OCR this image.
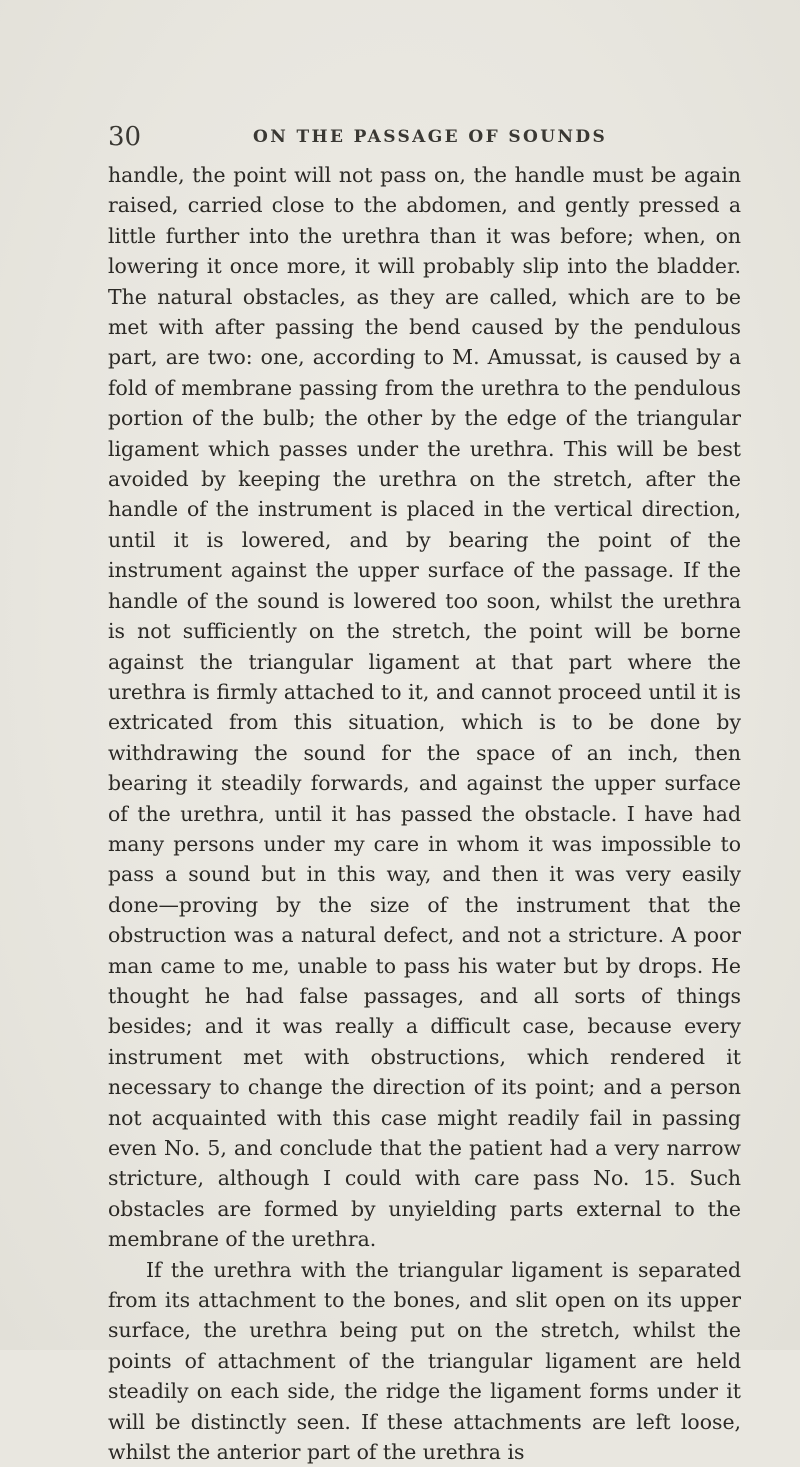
30	ON THE PASSAGE OF SOUNDS

handle, the point will not pass on, the handle must be again raised, carried close to the abdomen, and gently pressed a little further into the urethra than it was before; when, on lowering it once more, it will probably slip into the bladder. The natural obstacles, as they are called, which are to be met with after passing the bend caused by the pendulous part, are two: one, according to M. Amussat, is caused by a fold of membrane passing from the urethra to the pendulous portion of the bulb; the other by the edge of the triangular ligament which passes under the urethra. This will be best avoided by keeping the urethra on the stretch, after the handle of the instrument is placed in the vertical direction, until it is lowered, and by bearing the point of the instrument against the upper surface of the passage. If the handle of the sound is lowered too soon, whilst the urethra is not sufficiently on the stretch, the point will be borne against the triangular ligament at that part where the urethra is firmly attached to it, and cannot proceed until it is extricated from this situation, which is to be done by withdrawing the sound for the space of an inch, then bearing it steadily forwards, and against the upper surface of the urethra, until it has passed the obstacle. I have had many persons under my care in whom it was impossible to pass a sound but in this way, and then it was very easily done—proving by the size of the instrument that the obstruction was a natural defect, and not a stricture. A poor man came to me, unable to pass his water but by drops. He thought he had false passages, and all sorts of things besides; and it was really a difficult case, because every instrument met with obstructions, which rendered it necessary to change the direction of its point; and a person not acquainted with this case might readily fail in passing even No. 5, and conclude that the patient had a very narrow stricture, although I could with care pass No. 15. Such obstacles are formed by unyielding parts external to the membrane of the urethra.

If the urethra with the triangular ligament is separated from its attachment to the bones, and slit open on its upper surface, the urethra being put on the stretch, whilst the points of attachment of the triangular ligament are held steadily on each side, the ridge the ligament forms under it will be distinctly seen. If these attachments are left loose, whilst the anterior part of the urethra is
